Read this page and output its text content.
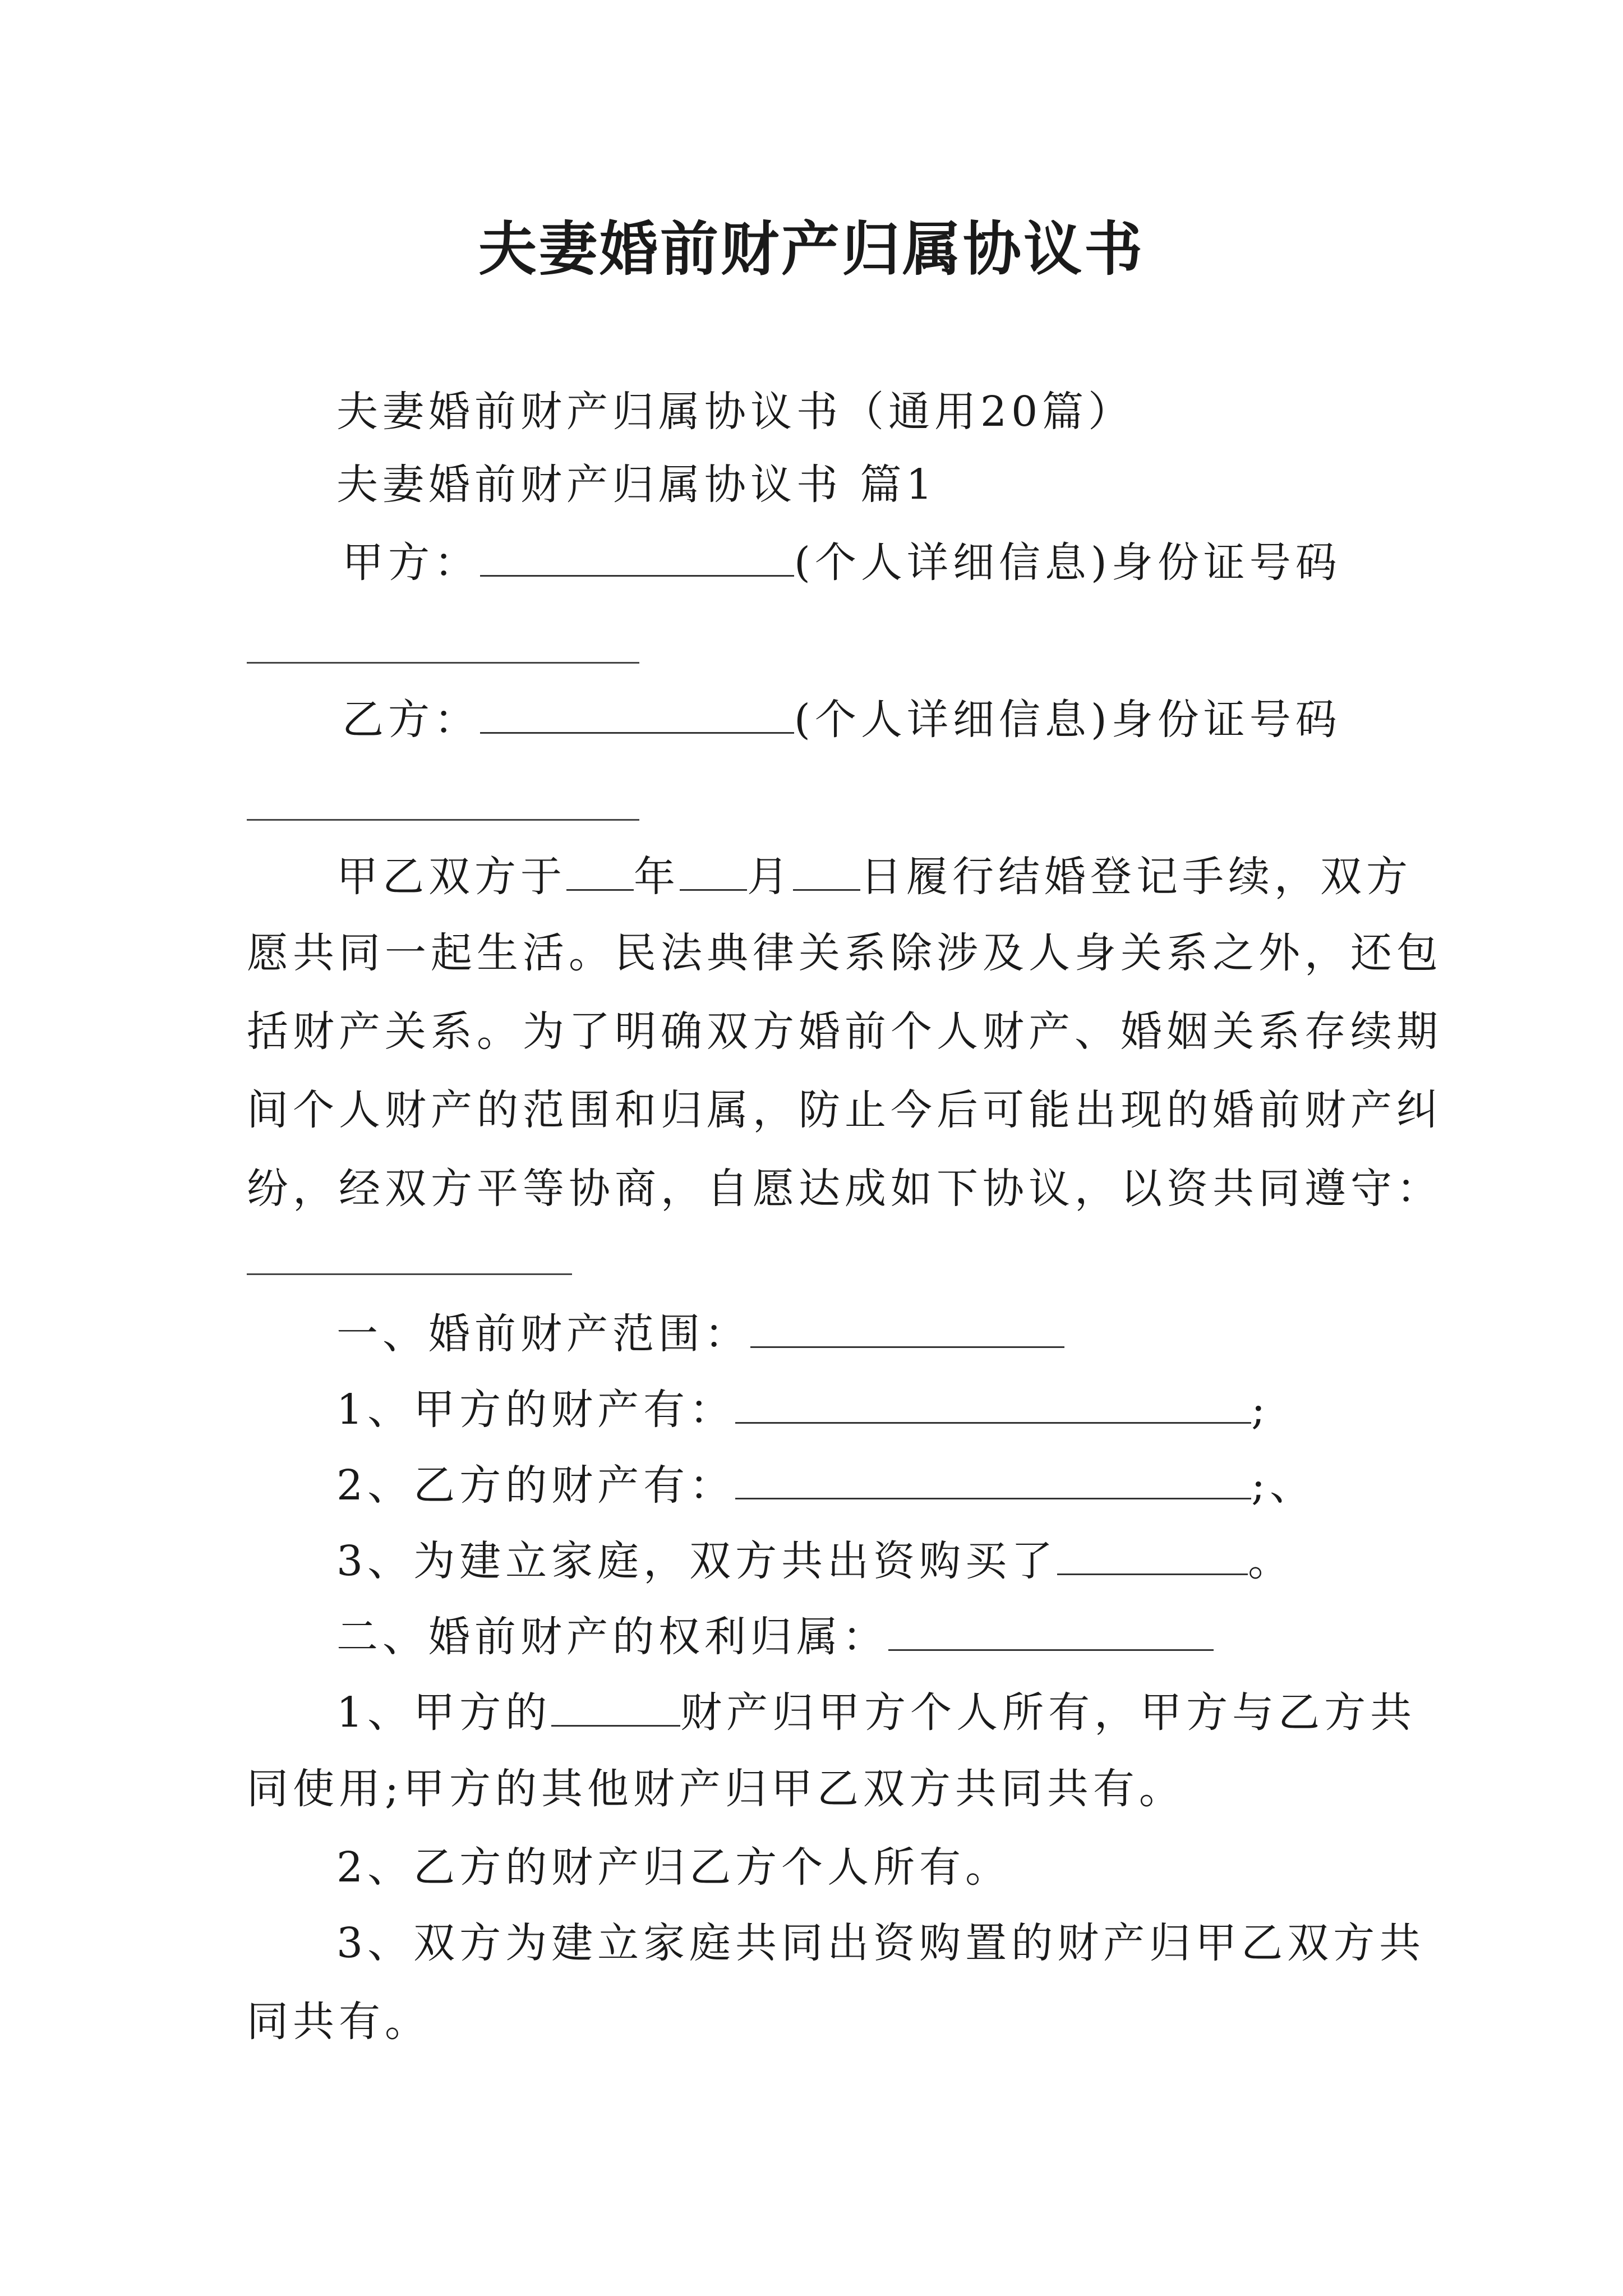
夫妻婚前财产归属协议书
夫妻婚前财产归属协议书（通用20篇）
夫妻婚前财产归属协议书 篇1
甲方：	(个人详细信息)身份证号码
乙方：	(个人详细信息)身份证号码
甲乙双方于 年 月 日履行结婚登记手续，双方
愿共同一起生活。民法典律关系除涉及人身关系之外，还包
括财产关系。为了明确双方婚前个人财产、婚姻关系存续期
间个人财产的范围和归属，防止今后可能出现的婚前财产纠
纷，经双方平等协商，自愿达成如下协议，以资共同遵守：
一、婚前财产范围：
1、甲方的财产有：	;
2、乙方的财产有：	;、
3、为建立家庭，双方共出资购买了	。
二、婚前财产的权利归属：
1、甲方的	财产归甲方个人所有，甲方与乙方共
同使用;甲方的其他财产归甲乙双方共同共有。
2、乙方的财产归乙方个人所有。
3、双方为建立家庭共同出资购置的财产归甲乙双方共
同共有。
